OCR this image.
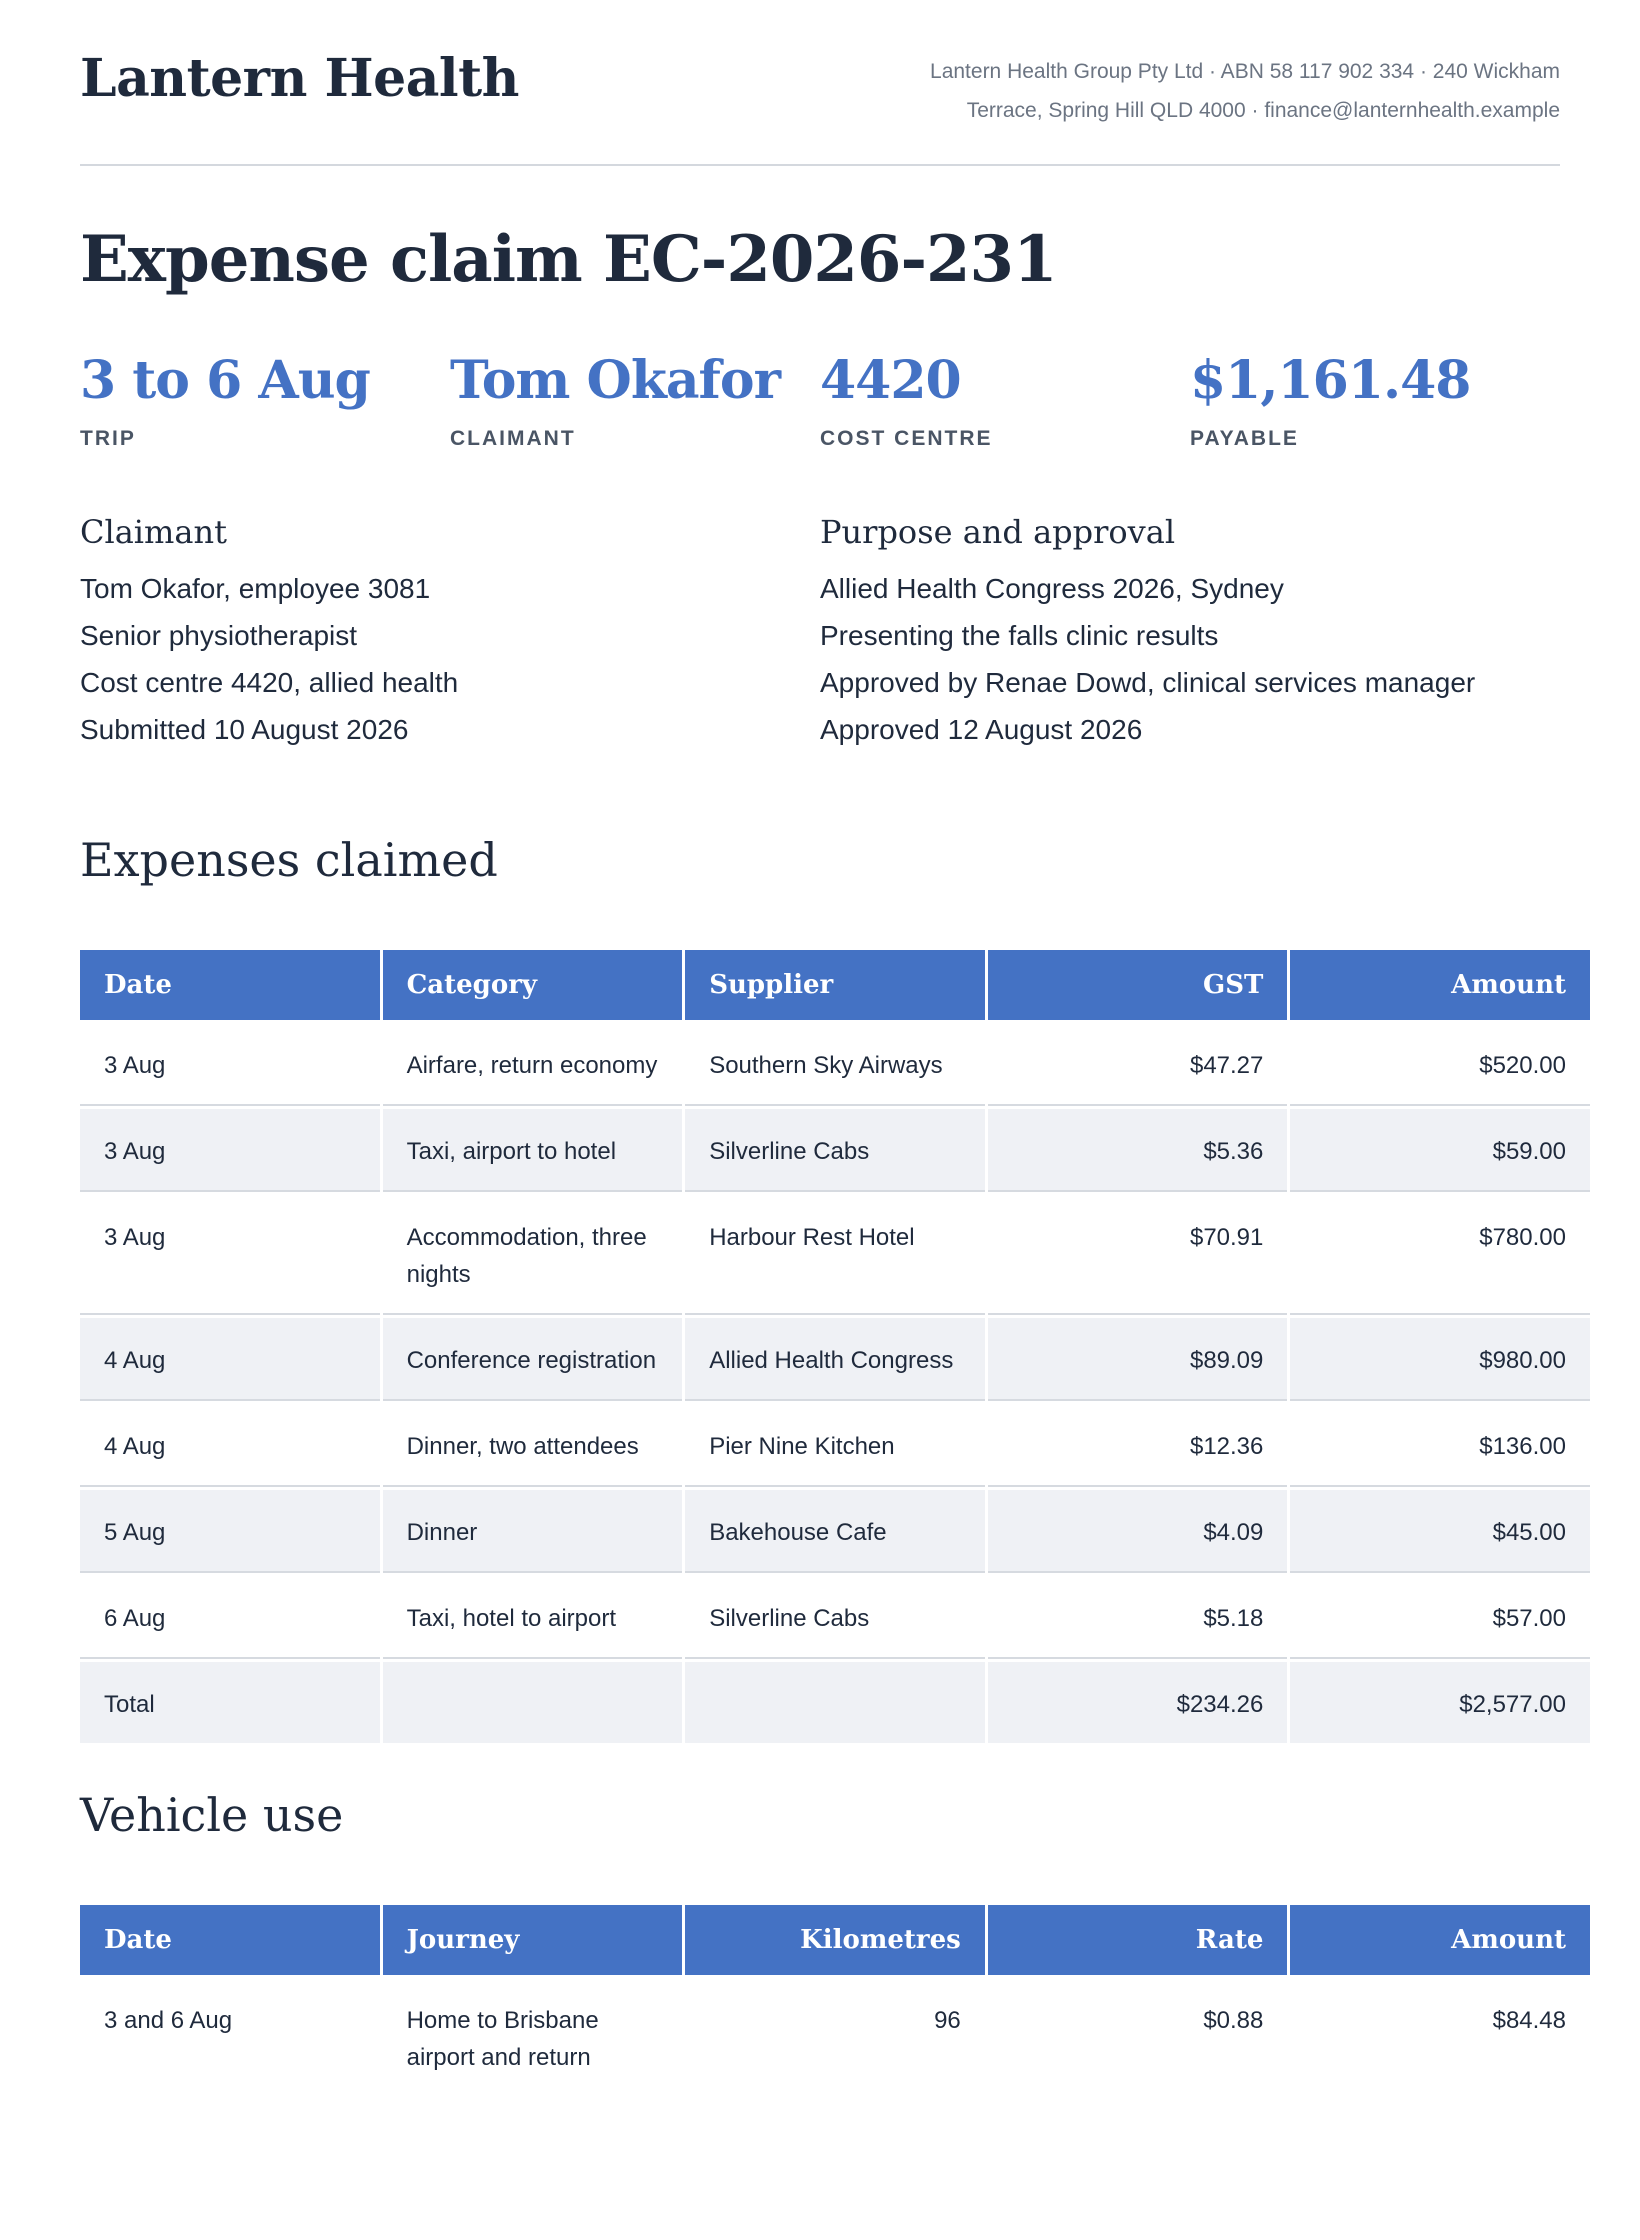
Lantern Health	Lantern Health Group Pty Ltd · ABN 58 117 902 334 · 240 Wickham
Terrace, Spring Hill QLD 4000 · finance@lanternhealth.example
Expense claim EC-2026-231
3 to 6 Aug
TRIP
Tom Okafor
CLAIMANT
4420
COST CENTRE
$1,161.48
PAYABLE
Claimant
Tom Okafor, employee 3081
Senior physiotherapist
Cost centre 4420, allied health
Submitted 10 August 2026
Purpose and approval
Allied Health Congress 2026, Sydney
Presenting the falls clinic results
Approved by Renae Dowd, clinical services manager
Approved 12 August 2026
Expenses claimed
Date	Category	Supplier	GST	Amount
3 Aug	Airfare, return economy	Southern Sky Airways	$47.27	$520.00
3 Aug	Taxi, airport to hotel	Silverline Cabs	$5.36	$59.00
3 Aug	Accommodation, three nights	Harbour Rest Hotel	$70.91	$780.00
4 Aug	Conference registration	Allied Health Congress	$89.09	$980.00
4 Aug	Dinner, two attendees	Pier Nine Kitchen	$12.36	$136.00
5 Aug	Dinner	Bakehouse Cafe	$4.09	$45.00
6 Aug	Taxi, hotel to airport	Silverline Cabs	$5.18	$57.00
Total			$234.26	$2,577.00
Vehicle use
Date	Journey	Kilometres	Rate	Amount
3 and 6 Aug	Home to Brisbane airport and return	96	$0.88	$84.48
